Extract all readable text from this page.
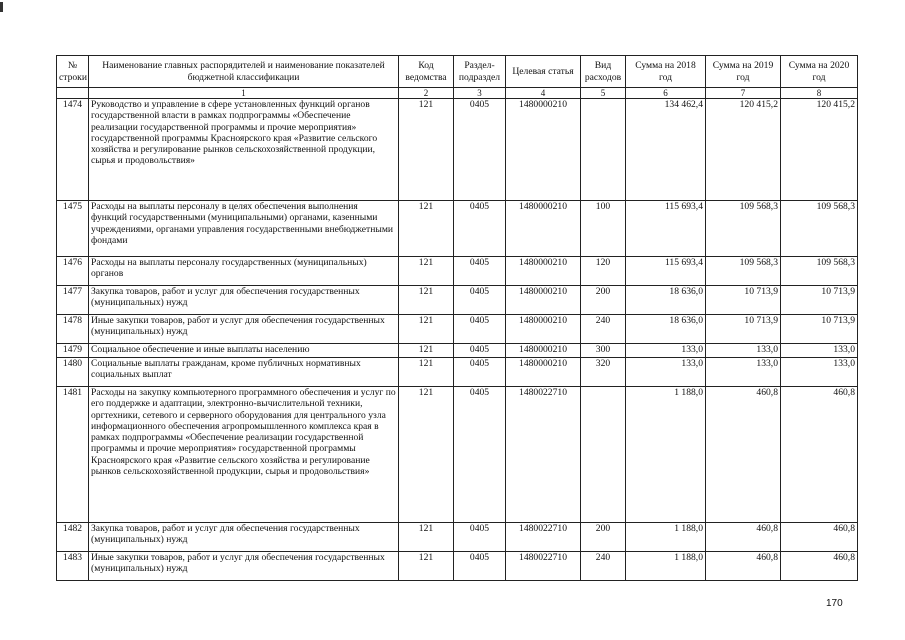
№ строки	Наименование главных распорядителей и наименование показателей бюджетной классификации	Код ведомства	Раздел-подраздел	Целевая статья	Вид расходов	Сумма на 2018 год	Сумма на 2019 год	Сумма на 2020 год
	1	2	3	4	5	6	7	8
1474	Руководство и управление в сфере установленных функций органов государственной власти в рамках подпрограммы «Обеспечение реализации государственной программы и прочие мероприятия» государственной программы Красноярского края «Развитие сельского хозяйства и регулирование рынков сельскохозяйственной продукции, сырья и продовольствия»	121	0405	1480000210		134 462,4	120 415,2	120 415,2
1475	Расходы на выплаты персоналу в целях обеспечения выполнения функций государственными (муниципальными) органами, казенными учреждениями, органами управления государственными внебюджетными фондами	121	0405	1480000210	100	115 693,4	109 568,3	109 568,3
1476	Расходы на выплаты персоналу государственных (муниципальных) органов	121	0405	1480000210	120	115 693,4	109 568,3	109 568,3
1477	Закупка товаров, работ и услуг для обеспечения государственных (муниципальных) нужд	121	0405	1480000210	200	18 636,0	10 713,9	10 713,9
1478	Иные закупки товаров, работ и услуг для обеспечения государственных (муниципальных) нужд	121	0405	1480000210	240	18 636,0	10 713,9	10 713,9
1479	Социальное обеспечение и иные выплаты населению	121	0405	1480000210	300	133,0	133,0	133,0
1480	Социальные выплаты гражданам, кроме публичных нормативных социальных выплат	121	0405	1480000210	320	133,0	133,0	133,0
1481	Расходы на закупку компьютерного программного обеспечения и услуг по его поддержке и адаптации, электронно-вычислительной техники, оргтехники, сетевого и серверного оборудования для центрального узла информационного обеспечения агропромышленного комплекса края в рамках подпрограммы «Обеспечение реализации государственной программы и прочие мероприятия» государственной программы Красноярского края «Развитие сельского хозяйства и регулирование рынков сельскохозяйственной продукции, сырья и продовольствия»	121	0405	1480022710		1 188,0	460,8	460,8
1482	Закупка товаров, работ и услуг для обеспечения государственных (муниципальных) нужд	121	0405	1480022710	200	1 188,0	460,8	460,8
1483	Иные закупки товаров, работ и услуг для обеспечения государственных (муниципальных) нужд	121	0405	1480022710	240	1 188,0	460,8	460,8
170
